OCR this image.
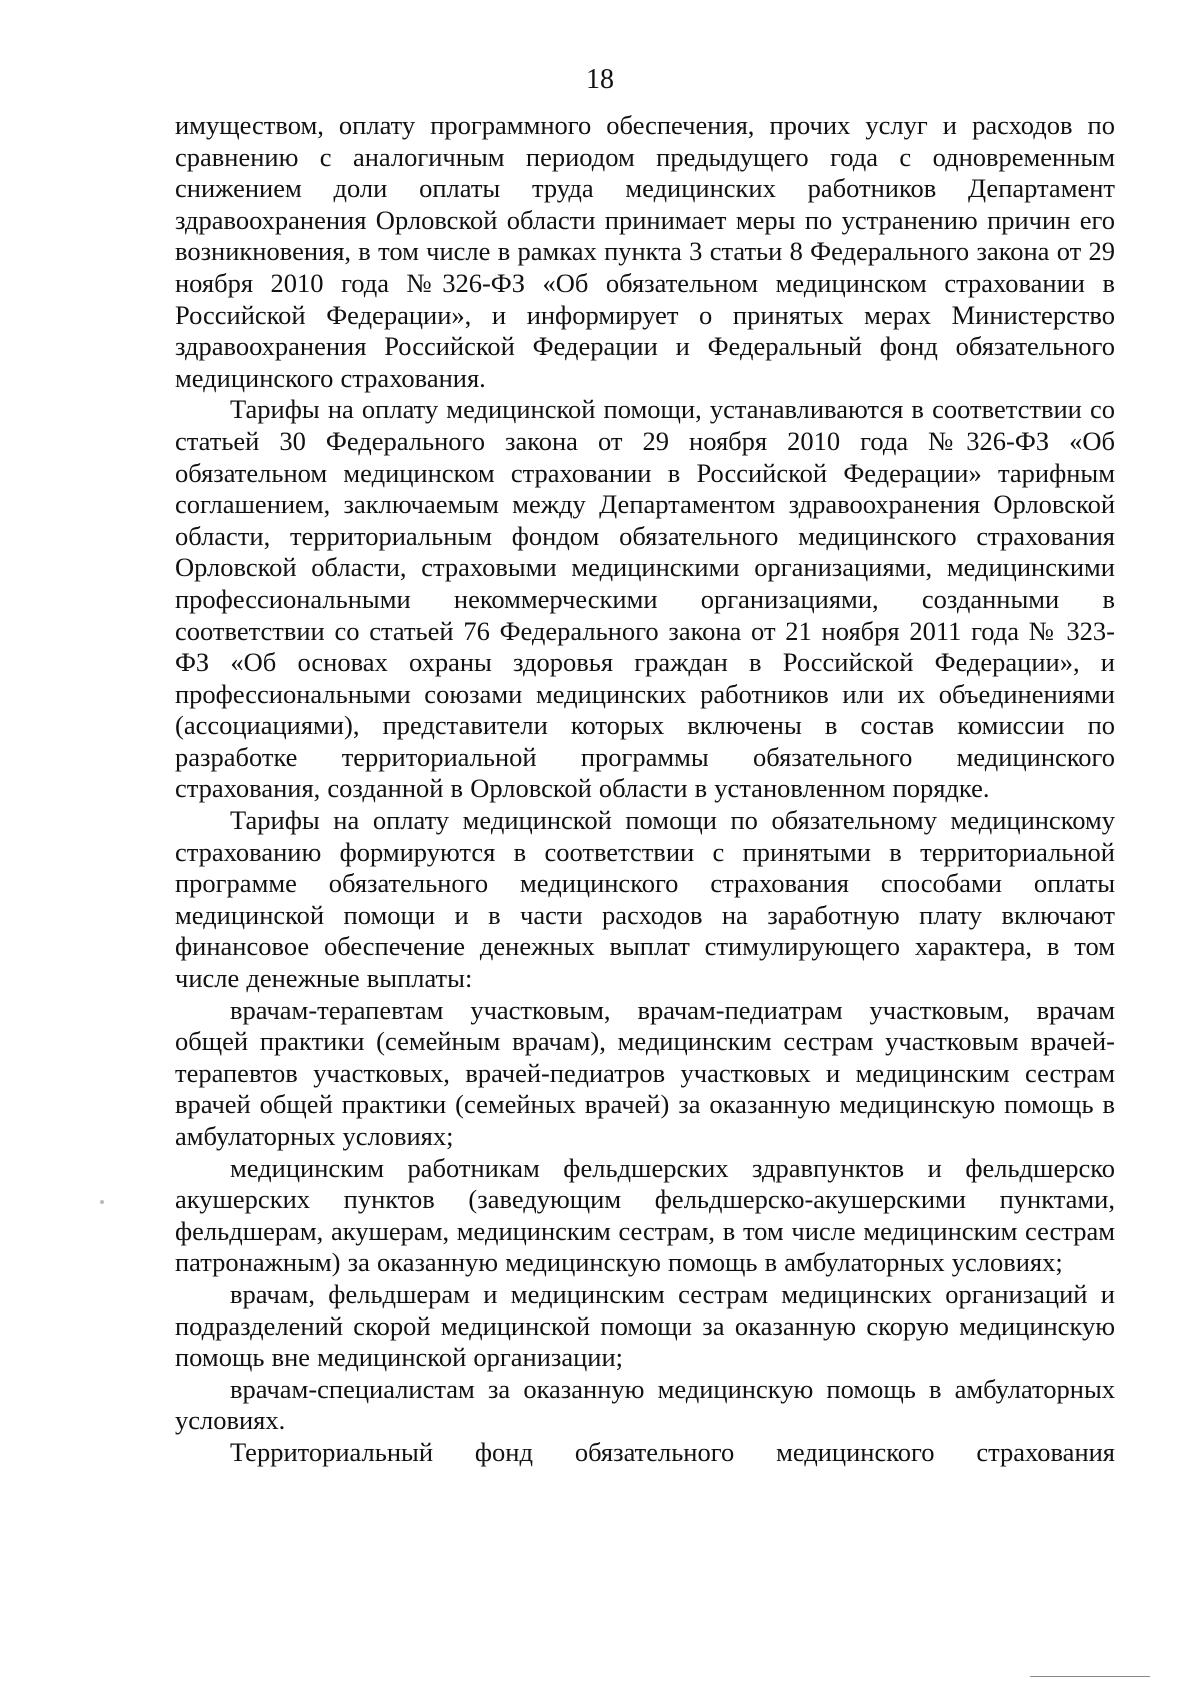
18

имуществом, оплату программного обеспечения, прочих услуг и расходов по сравнению с аналогичным периодом предыдущего года с одновременным снижением доли оплаты труда медицинских работников Департамент здравоохранения Орловской области принимает меры по устранению причин его возникновения, в том числе в рамках пункта 3 статьи 8 Федерального закона от 29 ноября 2010 года №326-ФЗ «Об обязательном медицинском страховании в Российской Федерации», и информирует о принятых мерах Министерство здравоохранения Российской Федерации и Федеральный фонд обязательного медицинского страхования.

Тарифы на оплату медицинской помощи, устанавливаются в соответствии со статьей 30 Федерального закона от 29 ноября 2010 года №326-ФЗ «Об обязательном медицинском страховании в Российской Федерации» тарифным соглашением, заключаемым между Департаментом здравоохранения Орловской области, территориальным фондом обязательного медицинского страхования Орловской области, страховыми медицинскими организациями, медицинскими профессиональными некоммерческими организациями, созданными в соответствии со статьей 76 Федерального закона от 21 ноября 2011 года № 323-ФЗ «Об основах охраны здоровья граждан в Российской Федерации», и профессиональными союзами медицинских работников или их объединениями (ассоциациями), представители которых включены в состав комиссии по разработке территориальной программы обязательного медицинского страхования, созданной в Орловской области в установленном порядке.

Тарифы на оплату медицинской помощи по обязательному медицинскому страхованию формируются в соответствии с принятыми в территориальной программе обязательного медицинского страхования способами оплаты медицинской помощи и в части расходов на заработную плату включают финансовое обеспечение денежных выплат стимулирующего характера, в том числе денежные выплаты:

врачам-терапевтам участковым, врачам-педиатрам участковым, врачам общей практики (семейным врачам), медицинским сестрам участковым врачей-терапевтов участковых, врачей-педиатров участковых и медицинским сестрам врачей общей практики (семейных врачей) за оказанную медицинскую помощь в амбулаторных условиях;

медицинским работникам фельдшерских здравпунктов и фельдшерско акушерских пунктов (заведующим фельдшерско-акушерскими пунктами, фельдшерам, акушерам, медицинским сестрам, в том числе медицинским сестрам патронажным) за оказанную медицинскую помощь в амбулаторных условиях;

врачам, фельдшерам и медицинским сестрам медицинских организаций и подразделений скорой медицинской помощи за оказанную скорую медицинскую помощь вне медицинской организации;

врачам-специалистам за оказанную медицинскую помощь в амбулаторных условиях.

Территориальный фонд обязательного медицинского страхования
